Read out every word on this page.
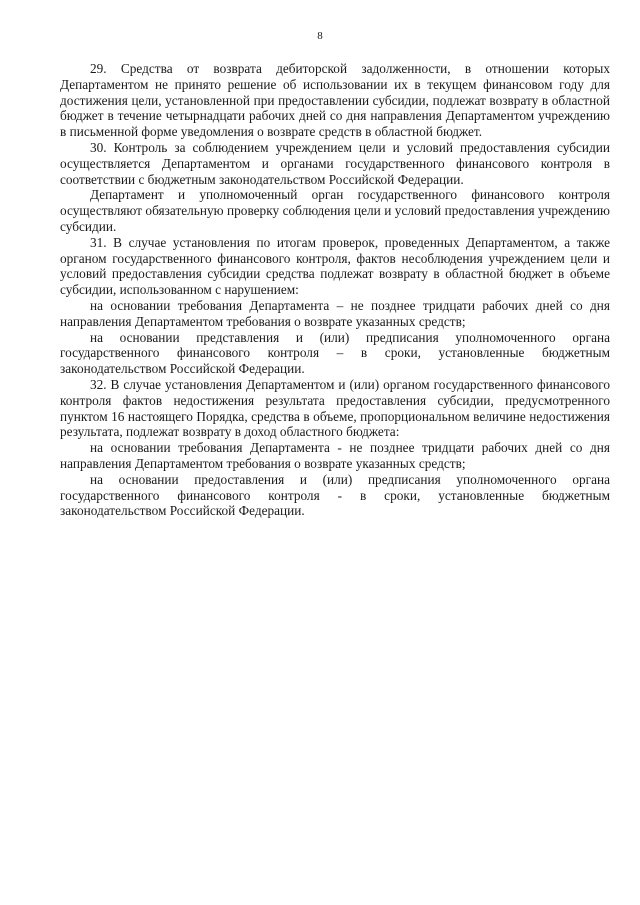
8

29. Средства от возврата дебиторской задолженности, в отношении которых Департаментом не принято решение об использовании их в текущем финансовом году для достижения цели, установленной при предоставлении субсидии, подлежат возврату в областной бюджет в течение четырнадцати рабочих дней со дня направления Департаментом учреждению в письменной форме уведомления о возврате средств в областной бюджет.

30. Контроль за соблюдением учреждением цели и условий предоставления субсидии осуществляется Департаментом и органами государственного финансового контроля в соответствии с бюджетным законодательством Российской Федерации.

Департамент и уполномоченный орган государственного финансового контроля осуществляют обязательную проверку соблюдения цели и условий предоставления учреждению субсидии.

31. В случае установления по итогам проверок, проведенных Департаментом, а также органом государственного финансового контроля, фактов несоблюдения учреждением цели и условий предоставления субсидии средства подлежат возврату в областной бюджет в объеме субсидии, использованном с нарушением:

на основании требования Департамента – не позднее тридцати рабочих дней со дня направления Департаментом требования о возврате указанных средств;

на основании представления и (или) предписания уполномоченного органа государственного финансового контроля – в сроки, установленные бюджетным законодательством Российской Федерации.

32. В случае установления Департаментом и (или) органом государственного финансового контроля фактов недостижения результата предоставления субсидии, предусмотренного пунктом 16 настоящего Порядка, средства в объеме, пропорциональном величине недостижения результата, подлежат возврату в доход областного бюджета:

на основании требования Департамента - не позднее тридцати рабочих дней со дня направления Департаментом требования о возврате указанных средств;

на основании предоставления и (или) предписания уполномоченного органа государственного финансового контроля - в сроки, установленные бюджетным законодательством Российской Федерации.
